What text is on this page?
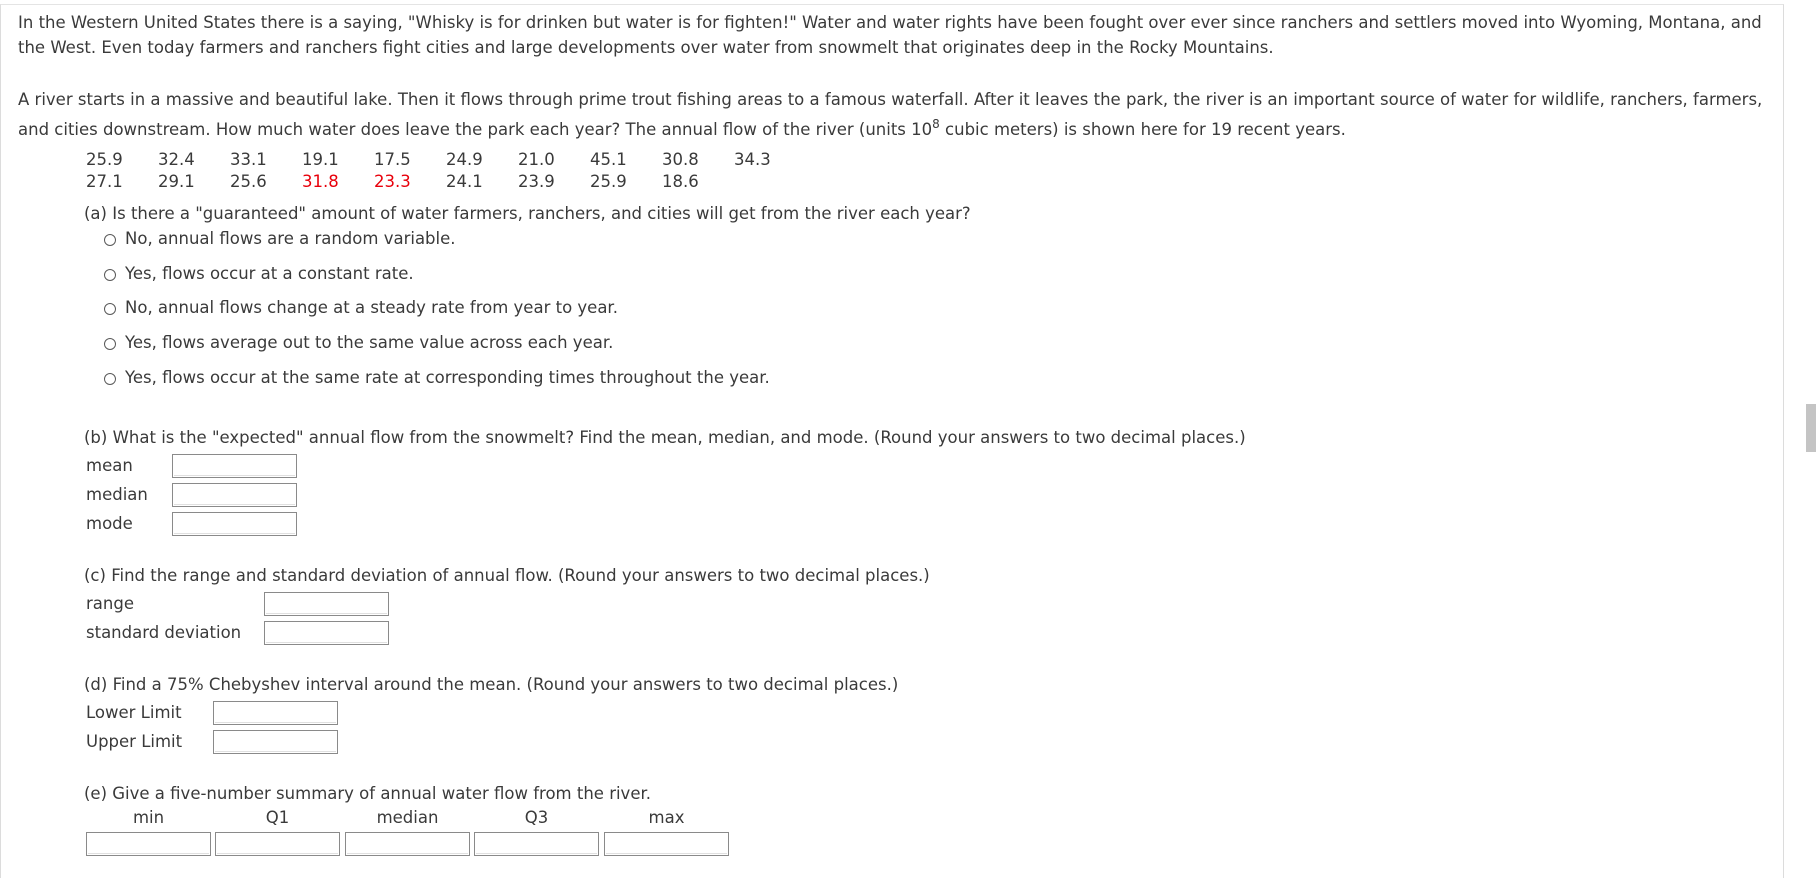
In the Western United States there is a saying, "Whisky is for drinken but water is for fighten!" Water and water rights have been fought over ever since ranchers and settlers moved into Wyoming, Montana, and the West. Even today farmers and ranchers fight cities and large developments over water from snowmelt that originates deep in the Rocky Mountains.

A river starts in a massive and beautiful lake. Then it flows through prime trout fishing areas to a famous waterfall. After it leaves the park, the river is an important source of water for wildlife, ranchers, farmers, and cities downstream. How much water does leave the park each year? The annual flow of the river (units $10^8$ cubic meters) is shown here for 19 recent years.

25.9 32.4 33.1 19.1 17.5 24.9 21.0 45.1 30.8 34.3
27.1 29.1 25.6 31.8 23.3 24.1 23.9 25.9 18.6
(a) Is there a "guaranteed" amount of water farmers, ranchers, and cities will get from the river each year?
No, annual flows are a random variable.
Yes, flows occur at a constant rate.
No, annual flows change at a steady rate from year to year.
Yes, flows average out to the same value across each year.
Yes, flows occur at the same rate at corresponding times throughout the year.
(b) What is the "expected" annual flow from the snowmelt? Find the mean, median, and mode. (Round your answers to two decimal places.)
mean
median
mode
(c) Find the range and standard deviation of annual flow. (Round your answers to two decimal places.)
range
standard deviation
(d) Find a 75% Chebyshev interval around the mean. (Round your answers to two decimal places.)
Lower Limit
Upper Limit
(e) Give a five-number summary of annual water flow from the river.
min	Q1	median	Q3	max
